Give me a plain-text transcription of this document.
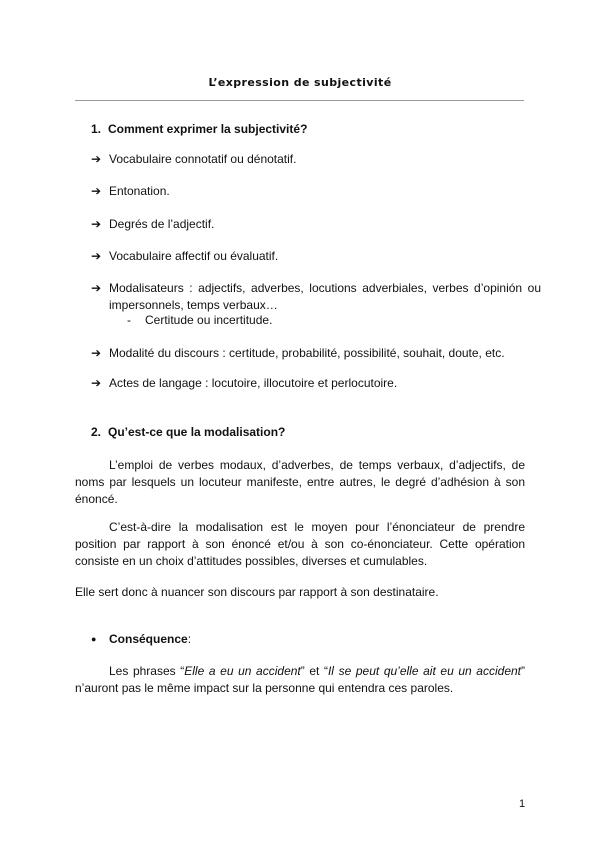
L’expression de subjectivité
1. Comment exprimer la subjectivité?
➔ Vocabulaire connotatif ou dénotatif.
➔ Entonation.
➔ Degrés de l’adjectif.
➔ Vocabulaire affectif ou évaluatif.
➔ Modalisateurs : adjectifs, adverbes, locutions adverbiales, verbes d’opinión ou impersonnels, temps verbaux…
- Certitude ou incertitude.
➔ Modalité du discours : certitude, probabilité, possibilité, souhait, doute, etc.
➔ Actes de langage : locutoire, illocutoire et perlocutoire.
2. Qu’est-ce que la modalisation?
L’emploi de verbes modaux, d’adverbes, de temps verbaux, d’adjectifs, de noms par lesquels un locuteur manifeste, entre autres, le degré d’adhésion à son énoncé.
C’est-à-dire la modalisation est le moyen pour l’énonciateur de prendre position par rapport à son énoncé et/ou à son co-énonciateur. Cette opération consiste en un choix d’attitudes possibles, diverses et cumulables.
Elle sert donc à nuancer son discours par rapport à son destinataire.
● Conséquence:
Les phrases “Elle a eu un accident” et “Il se peut qu’elle ait eu un accident” n’auront pas le même impact sur la personne qui entendra ces paroles.
1
